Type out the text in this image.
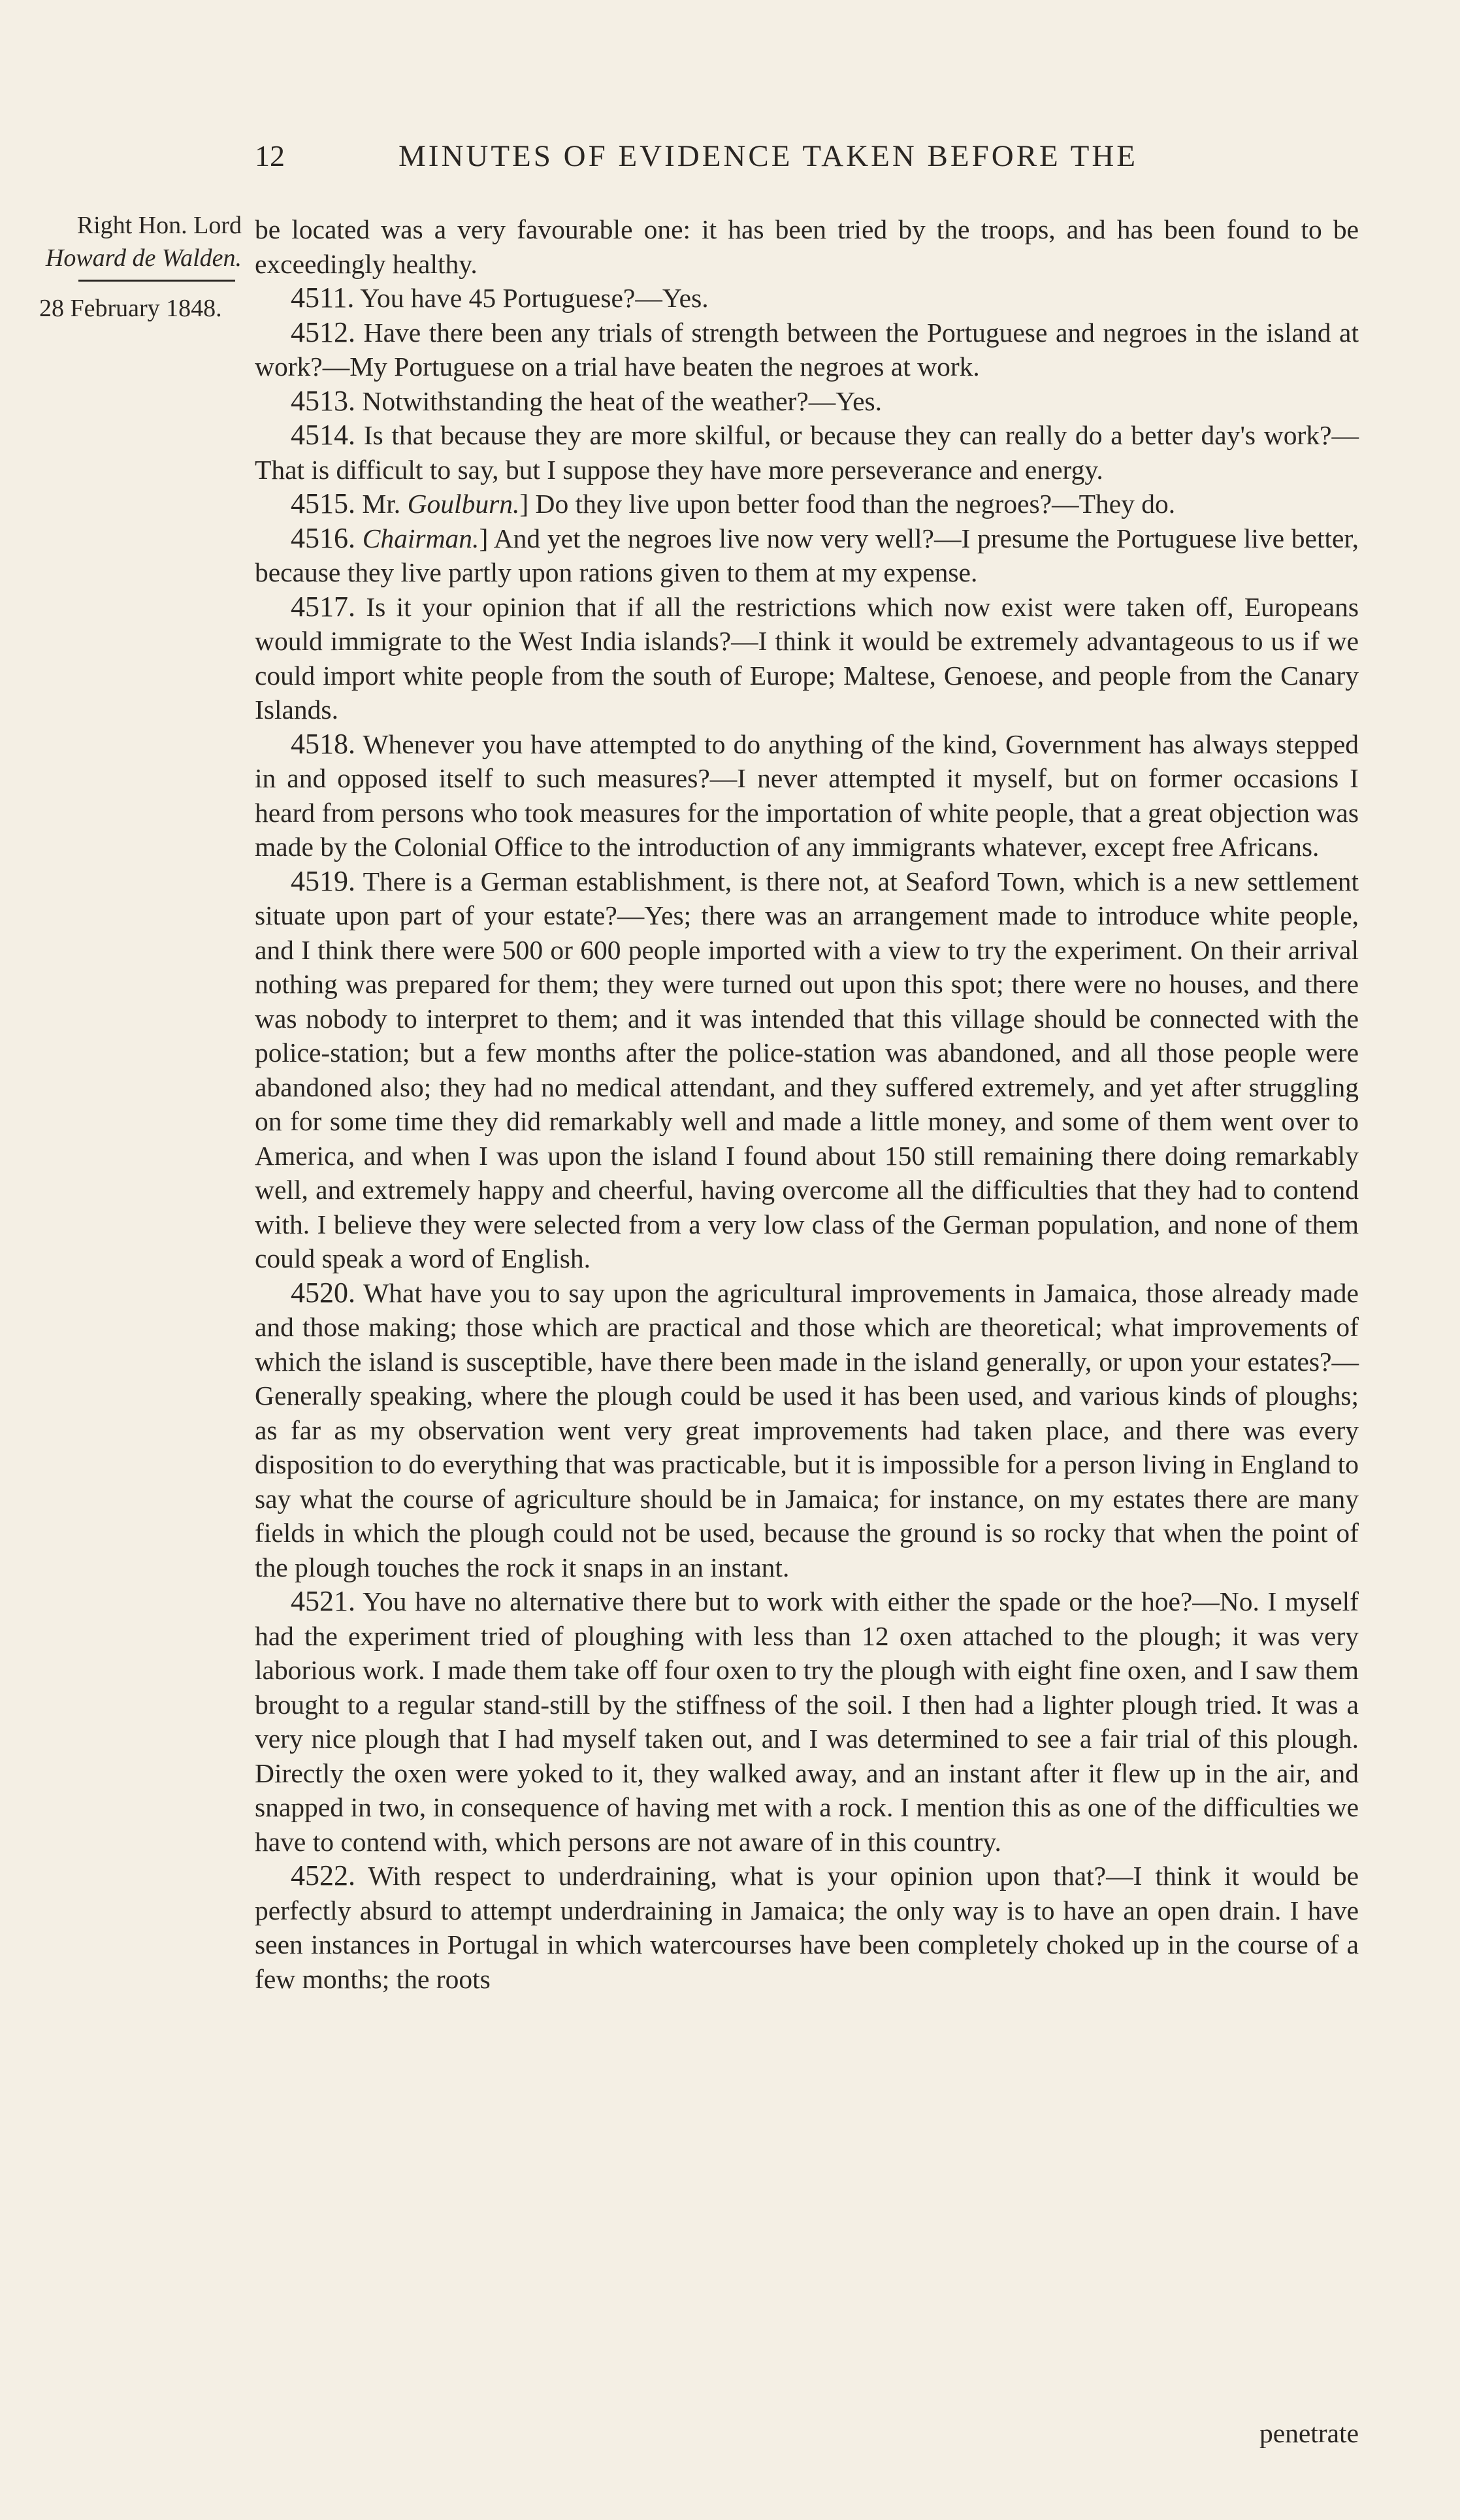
12	MINUTES OF EVIDENCE TAKEN BEFORE THE
Right Hon. Lord
Howard de Walden.
28 February 1848.

be located was a very favourable one: it has been tried by the troops, and has been found to be exceedingly healthy.

4511. You have 45 Portuguese?—Yes.

4512. Have there been any trials of strength between the Portuguese and negroes in the island at work?—My Portuguese on a trial have beaten the negroes at work.

4513. Notwithstanding the heat of the weather?—Yes.

4514. Is that because they are more skilful, or because they can really do a better day's work?—That is difficult to say, but I suppose they have more perseverance and energy.

4515. Mr. Goulburn.] Do they live upon better food than the negroes?—They do.

4516. Chairman.] And yet the negroes live now very well?—I presume the Portuguese live better, because they live partly upon rations given to them at my expense.

4517. Is it your opinion that if all the restrictions which now exist were taken off, Europeans would immigrate to the West India islands?—I think it would be extremely advantageous to us if we could import white people from the south of Europe; Maltese, Genoese, and people from the Canary Islands.

4518. Whenever you have attempted to do anything of the kind, Government has always stepped in and opposed itself to such measures?—I never attempted it myself, but on former occasions I heard from persons who took measures for the importation of white people, that a great objection was made by the Colonial Office to the introduction of any immigrants whatever, except free Africans.

4519. There is a German establishment, is there not, at Seaford Town, which is a new settlement situate upon part of your estate?—Yes; there was an arrangement made to introduce white people, and I think there were 500 or 600 people imported with a view to try the experiment. On their arrival nothing was prepared for them; they were turned out upon this spot; there were no houses, and there was nobody to interpret to them; and it was intended that this village should be connected with the police-station; but a few months after the police-station was abandoned, and all those people were abandoned also; they had no medical attendant, and they suffered extremely, and yet after struggling on for some time they did remarkably well and made a little money, and some of them went over to America, and when I was upon the island I found about 150 still remaining there doing remarkably well, and extremely happy and cheerful, having overcome all the difficulties that they had to contend with. I believe they were selected from a very low class of the German population, and none of them could speak a word of English.

4520. What have you to say upon the agricultural improvements in Jamaica, those already made and those making; those which are practical and those which are theoretical; what improvements of which the island is susceptible, have there been made in the island generally, or upon your estates?—Generally speaking, where the plough could be used it has been used, and various kinds of ploughs; as far as my observation went very great improvements had taken place, and there was every disposition to do everything that was practicable, but it is impossible for a person living in England to say what the course of agriculture should be in Jamaica; for instance, on my estates there are many fields in which the plough could not be used, because the ground is so rocky that when the point of the plough touches the rock it snaps in an instant.

4521. You have no alternative there but to work with either the spade or the hoe?—No. I myself had the experiment tried of ploughing with less than 12 oxen attached to the plough; it was very laborious work. I made them take off four oxen to try the plough with eight fine oxen, and I saw them brought to a regular stand-still by the stiffness of the soil. I then had a lighter plough tried. It was a very nice plough that I had myself taken out, and I was determined to see a fair trial of this plough. Directly the oxen were yoked to it, they walked away, and an instant after it flew up in the air, and snapped in two, in consequence of having met with a rock. I mention this as one of the difficulties we have to contend with, which persons are not aware of in this country.

4522. With respect to underdraining, what is your opinion upon that?—I think it would be perfectly absurd to attempt underdraining in Jamaica; the only way is to have an open drain. I have seen instances in Portugal in which watercourses have been completely choked up in the course of a few months; the roots

penetrate
